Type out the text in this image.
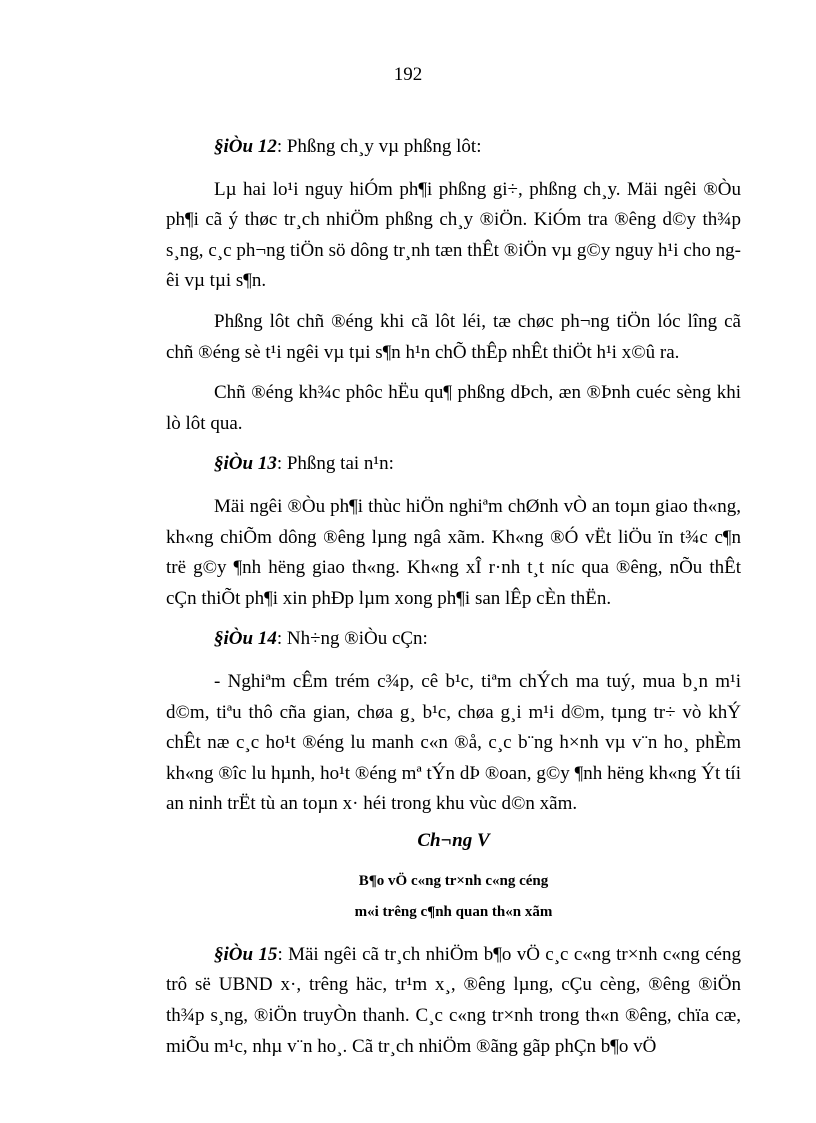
192

§iÒu 12: Phßng ch¸y vµ phßng lôt:

Lµ hai lo¹i nguy hiÓm ph¶i phßng gi÷, phßng ch¸y. Mäi ngêi ®Òu ph¶i cã ý thøc tr¸ch nhiÖm phßng ch¸y ®iÖn. KiÓm tra ®êng d©y th¾p s¸ng, c¸c ph¬ng tiÖn sö dông tr¸nh tæn thÊt ®iÖn vµ g©y nguy h¹i cho ngêi vµ tµi s¶n.

Phßng lôt chñ ®éng khi cã lôt léi, tæ chøc ph¬ng tiÖn lóc lîng cã chñ ®éng sè t¹i ngêi vµ tµi s¶n h¹n chÕ thÊp nhÊt thiÖt h¹i x©û ra.

Chñ ®éng kh¾c phôc hËu qu¶ phßng dÞch, æn ®Þnh cuéc sèng khi lò lôt qua.

§iÒu 13: Phßng tai n¹n:

Mäi ngêi ®Òu ph¶i thùc hiÖn nghiªm chØnh vÒ an toµn giao th«ng, kh«ng chiÕm dông ®êng lµng ngâ xãm. Kh«ng ®Ó vËt liÖu ïn t¾c c¶n trë g©y ¶nh hëng giao th«ng. Kh«ng xÎ r·nh t¸t níc qua ®êng, nÕu thÊt cÇn thiÕt ph¶i xin phÐp lµm xong ph¶i san lÊp cÈn thËn.

§iÒu 14: Nh÷ng ®iÒu cÇn:

- Nghiªm cÊm trém c¾p, cê b¹c, tiªm chÝch ma tuý, mua b¸n m¹i d©m, tiªu thô cña gian, chøa g¸ b¹c, chøa g¸i m¹i d©m, tµng tr÷ vò khÝ chÊt næ c¸c ho¹t ®éng lu manh c«n ®å, c¸c b¨ng h×nh vµ v¨n ho¸ phÈm kh«ng ®îc lu hµnh, ho¹t ®éng mª tÝn dÞ ®oan, g©y ¶nh hëng kh«ng Ýt tíi an ninh trËt tù an toµn x· héi trong khu vùc d©n xãm.

Ch¬ng V
B¶o vÖ c«ng tr×nh c«ng céng
m«i trêng c¶nh quan th«n xãm

§iÒu 15: Mäi ngêi cã tr¸ch nhiÖm b¶o vÖ c¸c c«ng tr×nh c«ng céng trô së UBND x·, trêng häc, tr¹m x¸, ®êng lµng, cÇu cèng, ®êng ®iÖn th¾p s¸ng, ®iÖn truyÒn thanh. C¸c c«ng tr×nh trong th«n ®êng, chïa cæ, miÕu m¹c, nhµ v¨n ho¸. Cã tr¸ch nhiÖm ®ãng gãp phÇn b¶o vÖ
